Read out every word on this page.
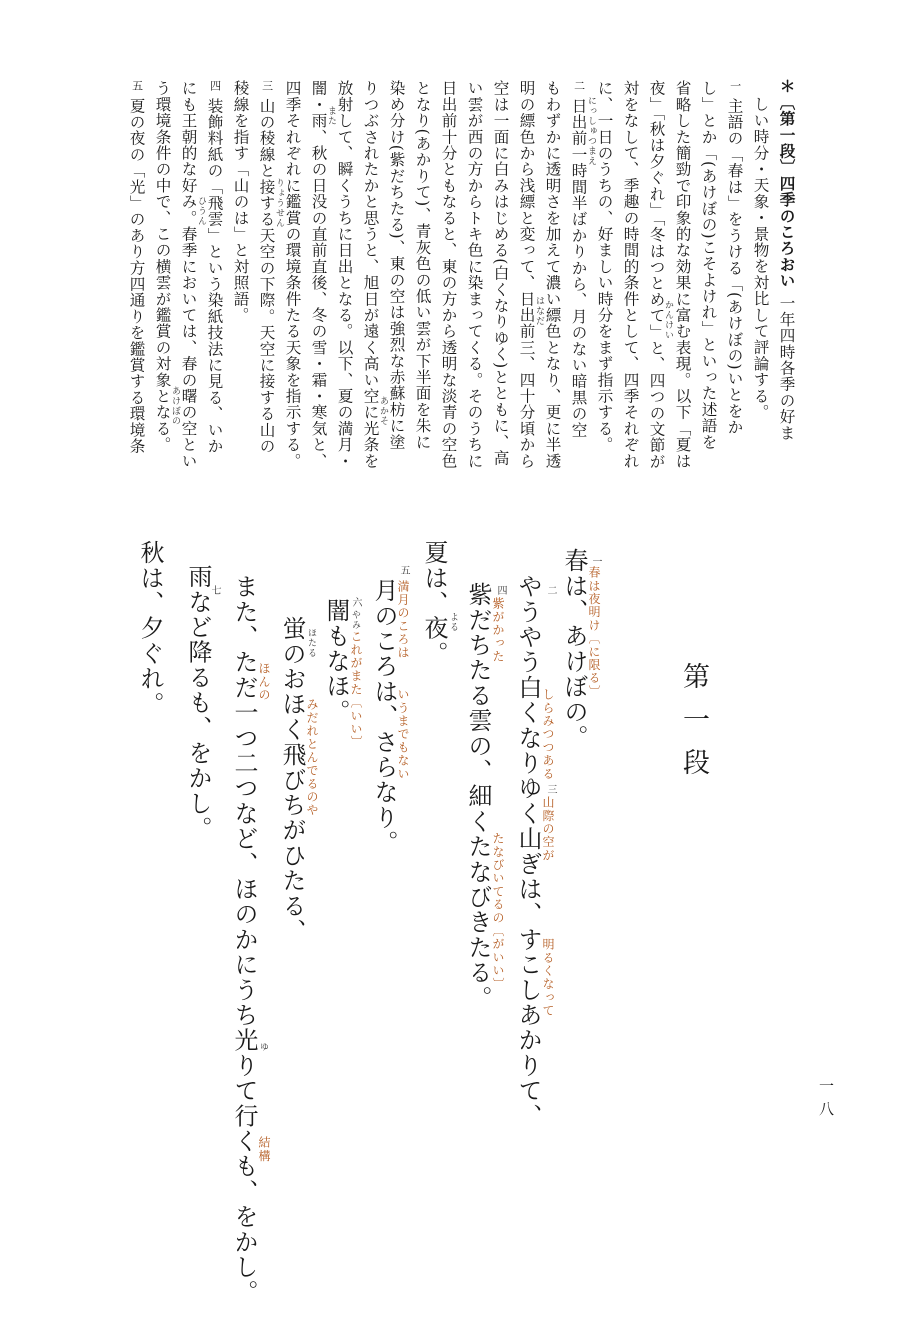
＊〔第一段〕四季のころおい一年四時各季の好ま
しい時分・天象・景物を対比して評論する。
一主語の「春は」をうける「(あけぼの)いとをか
し」とか「(あけぼの)こそよけれ」といった述語を
省略した簡勁で印象的な効果に富む表現。以下「夏は
夜」「秋は夕ぐれ」「冬はつとめて」と、四つの文節が
対をなして、季趣の時間的条件として、四季それぞれ
に、一日のうちの、好ましい時分をまず指示する。
二日出前一時間半ばかりから、月のない暗黒の空
もわずかに透明さを加えて濃い縹色となり、更に半透
明の縹色から浅縹と変って、日出前三、四十分頃から
空は一面に白みはじめる(白くなりゆく)とともに、高
い雲が西の方からトキ色に染まってくる。そのうちに
日出前十分ともなると、東の方から透明な淡青の空色
となり(あかりて)、青灰色の低い雲が下半面を朱に
染め分け(紫だちたる)、東の空は強烈な赤蘇枋に塗
りつぶされたかと思うと、旭日が遠く高い空に光条を
放射して、瞬くうちに日出となる。以下、夏の満月・
闇・雨、秋の日没の直前直後、冬の雪・霜・寒気と、
四季それぞれに鑑賞の環境条件たる天象を指示する。
三山の稜線と接する天空の下際。天空に接する山の
稜線を指す「山のは」と対照語。
四装飾料紙の「飛雲」という染紙技法に見る、いか
にも王朝的な好み。春季においては、春の曙の空とい
う環境条件の中で、この横雲が鑑賞の対象となる。
五夏の夜の「光」のあり方四通りを鑑賞する環境条	かんけい
にっしゅつまえ
はなだ
あかそ
また
りょうせん
ひうん
あけぼの
第一段
一
春は、あけぼの。 春は夜明け〔に限る〕
二
やうやう白くなりゆく山ぎは、すこしあかりて、 しらみつつある
三
山際の空が
明るくなって
四
紫だちたる雲の、細くたなびきたる。 紫がかった
たなびいてるの〔がいい〕
夏は、夜。 よる
五
月のころは、さらなり。
満月のころは
いうまでもない
六
やみ
闇もなほ。 これがまた〔いい〕
ほたる
蛍のおほく飛びちがひたる、 みだれとんでるのや
また、ただ一つ二つなど、ほのかにうち光りて行くも、をかし。 ほんの
ゆ
結構
七
雨など降るも、をかし。
秋は、夕ぐれ。
一八
